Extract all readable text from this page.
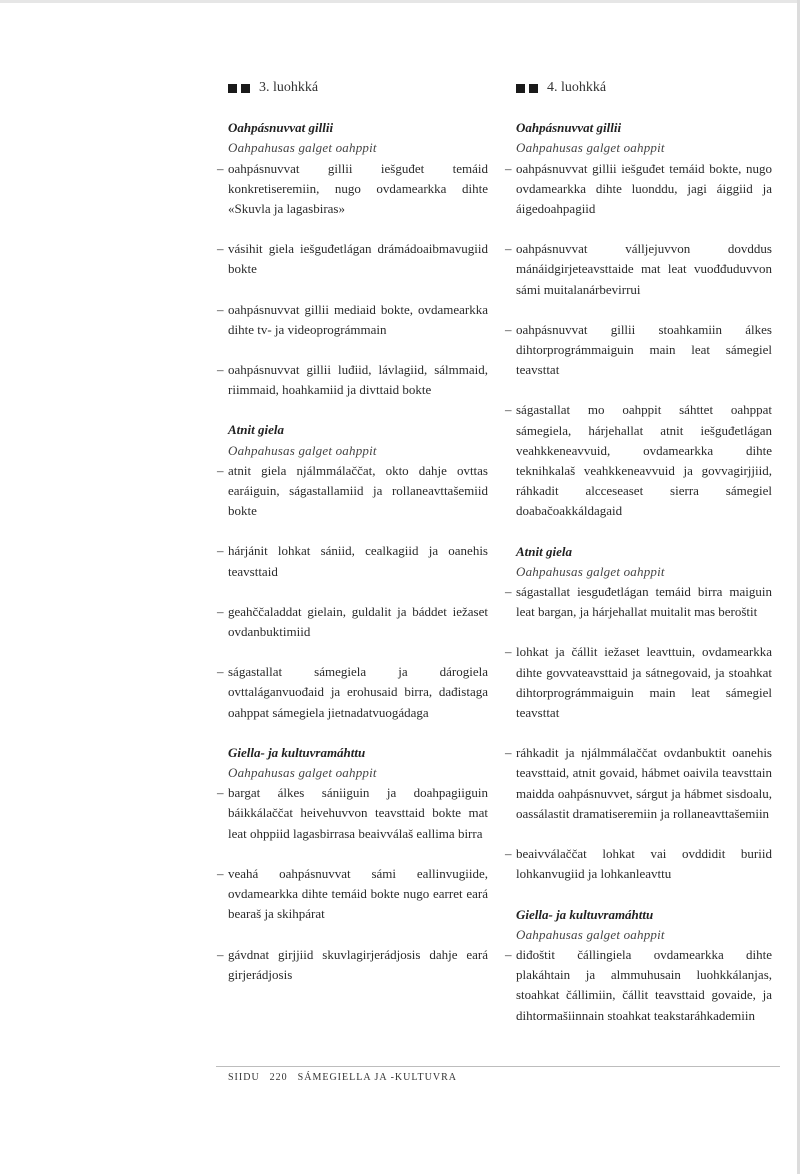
3. luohkká
Oahpásnuvvat gillii
Oahpahusas galget oahppit
– oahpásnuvvat gillii iešguđet temáid konkretiseremiin, nugo ovdamearkka dihte «Skuvla ja lagasbiras»
– vásihit giela iešguđetlágan drámádoaibmavugiid bokte
– oahpásnuvvat gillii mediaid bokte, ovdamearkka dihte tv- ja videoprográmmain
– oahpásnuvvat gillii luđiid, lávlagiid, sálmmaid, riimmaid, hoahkamiid ja divttaid bokte
Atnit giela
Oahpahusas galget oahppit
– atnit giela njálmmálaččat, okto dahje ovttas earáiguin, ságastallamiid ja rollaneavttašemiid bokte
– hárjánit lohkat sániid, cealkagiid ja oanehis teavsttaid
– geahččaladdat gielain, guldalit ja báddet iežaset ovdanbuktimiid
– ságastallat sámegiela ja dárogiela ovttaláganvuođaid ja erohusaid birra, dađistaga oahppat sámegiela jietnadatvuogádaga
Giella- ja kultuvramáhttu
Oahpahusas galget oahppit
– bargat álkes sániiguin ja doahpagiiguin báikkálaččat heivehuvvon teavsttaid bokte mat leat ohppiid lagasbirrasa beaivválaš eallima birra
– veahá oahpásnuvvat sámi eallinvugiide, ovdamearkka dihte temáid bokte nugo earret eará bearaš ja skihpárat
– gávdnat girjjiid skuvlagirjerádjosis dahje eará girjerádjosis
4. luohkká
Oahpásnuvvat gillii
Oahpahusas galget oahppit
– oahpásnuvvat gillii iešguđet temáid bokte, nugo ovdamearkka dihte luonddu, jagi áiggiid ja áigedoahpagiid
– oahpásnuvvat válljejuvvon dovddus mánáidgirjeteavsttaide mat leat vuođđuduvvon sámi muitalanárbevirrui
– oahpásnuvvat gillii stoahkamiin álkes dihtorprográmmaiguin main leat sámegiel teavsttat
– ságastallat mo oahppit sáhttet oahppat sámegiela, hárjehallat atnit iešguđetlágan veahkkeneavvuid, ovdamearkka dihte teknihkalaš veahkkeneavvuid ja govvagirjjiid, ráhkadit alcceseaset sierra sámegiel doabačoakkáldagaid
Atnit giela
Oahpahusas galget oahppit
– ságastallat iesguđetlágan temáid birra maiguin leat bargan, ja hárjehallat muitalit mas beroštit
– lohkat ja čállit iežaset leavttuin, ovdamearkka dihte govvateavsttaid ja sátnegovaid, ja stoahkat dihtorprográmmaiguin main leat sámegiel teavsttat
– ráhkadit ja njálmmálaččat ovdanbuktit oanehis teavsttaid, atnit govaid, hábmet oaivila teavsttain maidda oahpásnuvvet, sárgut ja hábmet sisdoalu, oassálastit dramatiseremiin ja rollaneavttašemiin
– beaivválaččat lohkat vai ovddidit buriid lohkanvugiid ja lohkanleavttu
Giella- ja kultuvramáhttu
Oahpahusas galget oahppit
– diđoštit čállingiela ovdamearkka dihte plakáhtain ja almmuhusain luohkkálanjas, stoahkat čállimiin, čállit teavsttaid govaide, ja dihtormašiinnain stoahkat teakstaráhkademiin
SIIDU 220 SÁMEGIELLA JA -KULTUVRA
